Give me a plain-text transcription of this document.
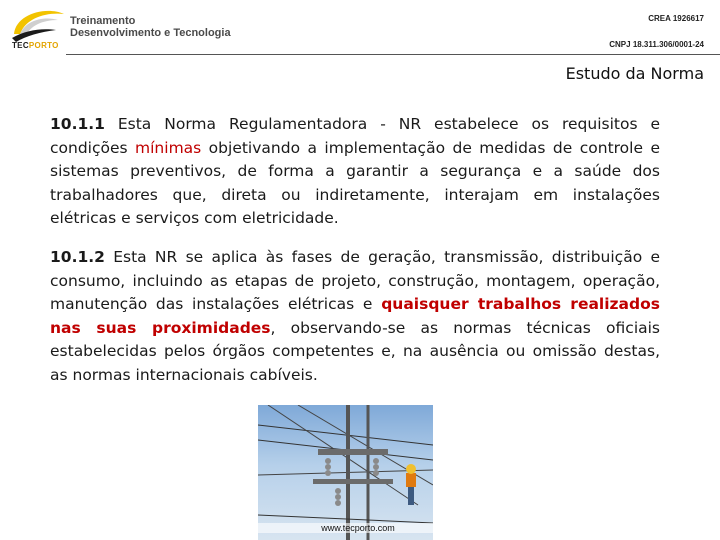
TECPORTO
Treinamento
Desenvolvimento e Tecnologia
CREA 1926617
CNPJ 18.311.306/0001-24
Estudo da Norma
10.1.1 Esta Norma Regulamentadora - NR estabelece os requisitos e condições mínimas objetivando a implementação de medidas de controle e sistemas preventivos, de forma a garantir a segurança e a saúde dos trabalhadores que, direta ou indiretamente, interajam em instalações elétricas e serviços com eletricidade.
10.1.2 Esta NR se aplica às fases de geração, transmissão, distribuição e consumo, incluindo as etapas de projeto, construção, montagem, operação, manutenção das instalações elétricas e quaisquer trabalhos realizados nas suas proximidades, observando-se as normas técnicas oficiais estabelecidas pelos órgãos competentes e, na ausência ou omissão destas, as normas internacionais cabíveis.
www.tecporto.com
